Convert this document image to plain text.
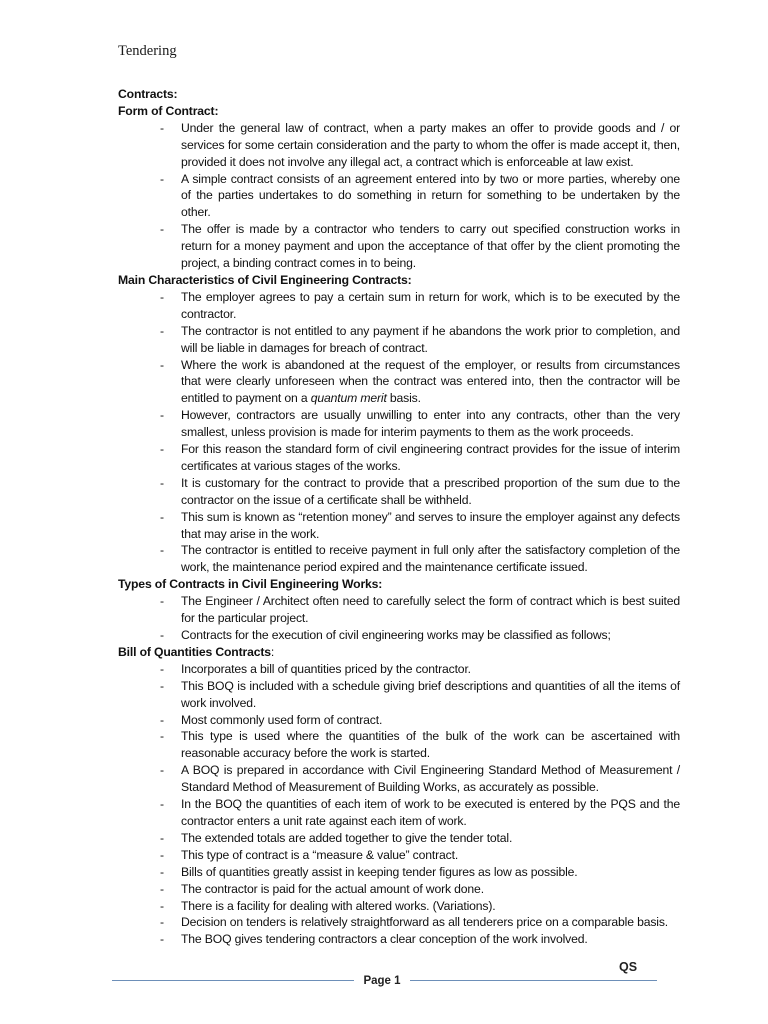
Tendering
Contracts:
Form of Contract:
- Under the general law of contract, when a party makes an offer to provide goods and / or services for some certain consideration and the party to whom the offer is made accept it, then, provided it does not involve any illegal act, a contract which is enforceable at law exist.
- A simple contract consists of an agreement entered into by two or more parties, whereby one of the parties undertakes to do something in return for something to be undertaken by the other.
- The offer is made by a contractor who tenders to carry out specified construction works in return for a money payment and upon the acceptance of that offer by the client promoting the project, a binding contract comes in to being.
Main Characteristics of Civil Engineering Contracts:
- The employer agrees to pay a certain sum in return for work, which is to be executed by the contractor.
- The contractor is not entitled to any payment if he abandons the work prior to completion, and will be liable in damages for breach of contract.
- Where the work is abandoned at the request of the employer, or results from circumstances that were clearly unforeseen when the contract was entered into, then the contractor will be entitled to payment on a quantum merit basis.
- However, contractors are usually unwilling to enter into any contracts, other than the very smallest, unless provision is made for interim payments to them as the work proceeds.
- For this reason the standard form of civil engineering contract provides for the issue of interim certificates at various stages of the works.
- It is customary for the contract to provide that a prescribed proportion of the sum due to the contractor on the issue of a certificate shall be withheld.
- This sum is known as “retention money” and serves to insure the employer against any defects that may arise in the work.
- The contractor is entitled to receive payment in full only after the satisfactory completion of the work, the maintenance period expired and the maintenance certificate issued.
Types of Contracts in Civil Engineering Works:
- The Engineer / Architect often need to carefully select the form of contract which is best suited for the particular project.
- Contracts for the execution of civil engineering works may be classified as follows;
Bill of Quantities Contracts:
- Incorporates a bill of quantities priced by the contractor.
- This BOQ is included with a schedule giving brief descriptions and quantities of all the items of work involved.
- Most commonly used form of contract.
- This type is used where the quantities of the bulk of the work can be ascertained with reasonable accuracy before the work is started.
- A BOQ is prepared in accordance with Civil Engineering Standard Method of Measurement / Standard Method of Measurement of Building Works, as accurately as possible.
- In the BOQ the quantities of each item of work to be executed is entered by the PQS and the contractor enters a unit rate against each item of work.
- The extended totals are added together to give the tender total.
- This type of contract is a “measure & value” contract.
- Bills of quantities greatly assist in keeping tender figures as low as possible.
- The contractor is paid for the actual amount of work done.
- There is a facility for dealing with altered works. (Variations).
- Decision on tenders is relatively straightforward as all tenderers price on a comparable basis.
- The BOQ gives tendering contractors a clear conception of the work involved.
Page 1
QS
